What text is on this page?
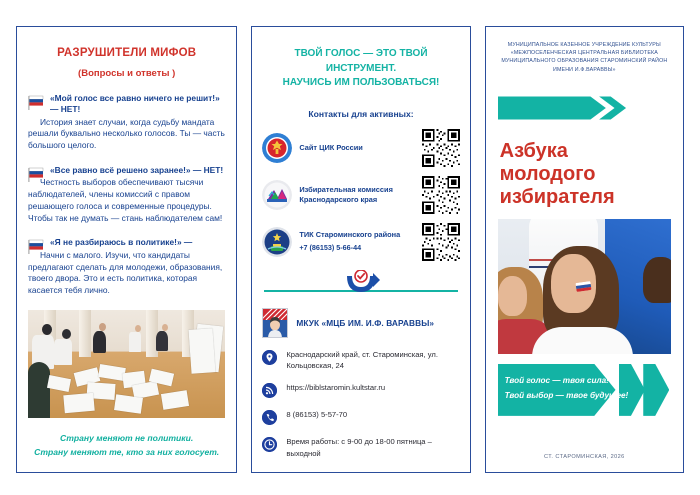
РАЗРУШИТЕЛИ МИФОВ
(Вопросы и ответы )
«Мой голос все равно ничего не решит!» — НЕТ!
История знает случаи, когда судьбу мандата решали буквально несколько голосов. Ты — часть большого целого.
«Все равно всё решено заранее!» — НЕТ!
Честность выборов обеспечивают тысячи наблюдателей, члены комиссий с правом решающего голоса и современные процедуры. Чтобы так не думать — стань наблюдателем сам!
«Я не разбираюсь в политике!» —
Начни с малого. Изучи, что кандидаты предлагают сделать для молодежи, образования, твоего двора. Это и есть политика, которая касается тебя лично.
Страну меняют не политики.
Страну меняют те, кто за них голосует.
ТВОЙ ГОЛОС — ЭТО ТВОЙ
ИНСТРУМЕНТ.
НАУЧИСЬ ИМ ПОЛЬЗОВАТЬСЯ!
Контакты для активных:
Сайт ЦИК России
Избирательная комиссия Краснодарского края
ТИК Староминского района
+7 (86153) 5-66-44
МКУК «МЦБ ИМ. И.Ф. ВАРАВВЫ»
Краснодарский край, ст. Староминская, ул. Кольцовская, 24
https://biblstaromin.kultstar.ru
8 (86153) 5-57-70
Время работы: с 9-00 до 18-00 пятница – выходной
МУНИЦИПАЛЬНОЕ КАЗЕННОЕ УЧРЕЖДЕНИЕ КУЛЬТУРЫ «МЕЖПОСЕЛЕНЧЕСКАЯ ЦЕНТРАЛЬНАЯ БИБЛИОТЕКА МУНИЦИПАЛЬНОГО ОБРАЗОВАНИЯ СТАРОМИНСКИЙ РАЙОН ИМЕНИ И.Ф.ВАРАВВЫ»
Азбука
молодого
избирателя
Твой голос — твоя сила!
Твой выбор — твое будущее!
СТ. СТАРОМИНСКАЯ, 2026
